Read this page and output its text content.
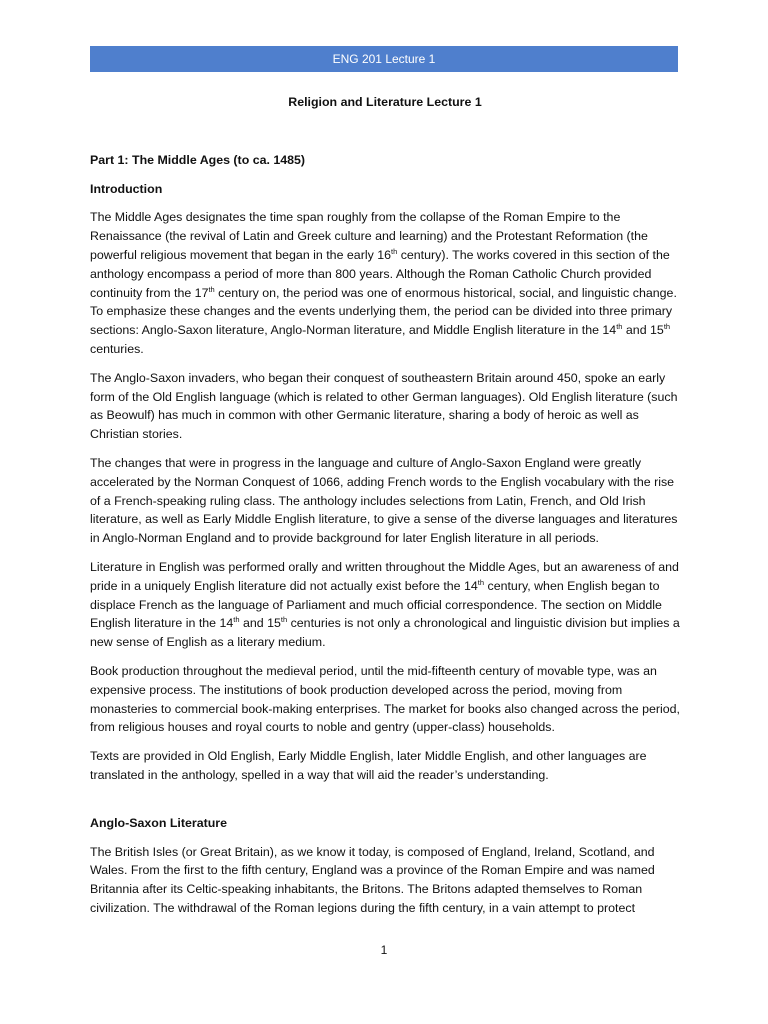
ENG 201 Lecture 1

Religion and Literature Lecture 1

Part 1: The Middle Ages (to ca. 1485)

Introduction

The Middle Ages designates the time span roughly from the collapse of the Roman Empire to the Renaissance (the revival of Latin and Greek culture and learning) and the Protestant Reformation (the powerful religious movement that began in the early 16th century). The works covered in this section of the anthology encompass a period of more than 800 years. Although the Roman Catholic Church provided continuity from the 17th century on, the period was one of enormous historical, social, and linguistic change. To emphasize these changes and the events underlying them, the period can be divided into three primary sections: Anglo-Saxon literature, Anglo-Norman literature, and Middle English literature in the 14th and 15th centuries.

The Anglo-Saxon invaders, who began their conquest of southeastern Britain around 450, spoke an early form of the Old English language (which is related to other German languages). Old English literature (such as Beowulf) has much in common with other Germanic literature, sharing a body of heroic as well as Christian stories.

The changes that were in progress in the language and culture of Anglo-Saxon England were greatly accelerated by the Norman Conquest of 1066, adding French words to the English vocabulary with the rise of a French-speaking ruling class. The anthology includes selections from Latin, French, and Old Irish literature, as well as Early Middle English literature, to give a sense of the diverse languages and literatures in Anglo-Norman England and to provide background for later English literature in all periods.

Literature in English was performed orally and written throughout the Middle Ages, but an awareness of and pride in a uniquely English literature did not actually exist before the 14th century, when English began to displace French as the language of Parliament and much official correspondence. The section on Middle English literature in the 14th and 15th centuries is not only a chronological and linguistic division but implies a new sense of English as a literary medium.

Book production throughout the medieval period, until the mid-fifteenth century of movable type, was an expensive process. The institutions of book production developed across the period, moving from monasteries to commercial book-making enterprises. The market for books also changed across the period, from religious houses and royal courts to noble and gentry (upper-class) households.

Texts are provided in Old English, Early Middle English, later Middle English, and other languages are translated in the anthology, spelled in a way that will aid the reader’s understanding.

Anglo-Saxon Literature

The British Isles (or Great Britain), as we know it today, is composed of England, Ireland, Scotland, and Wales. From the first to the fifth century, England was a province of the Roman Empire and was named Britannia after its Celtic-speaking inhabitants, the Britons. The Britons adapted themselves to Roman civilization. The withdrawal of the Roman legions during the fifth century, in a vain attempt to protect

1
